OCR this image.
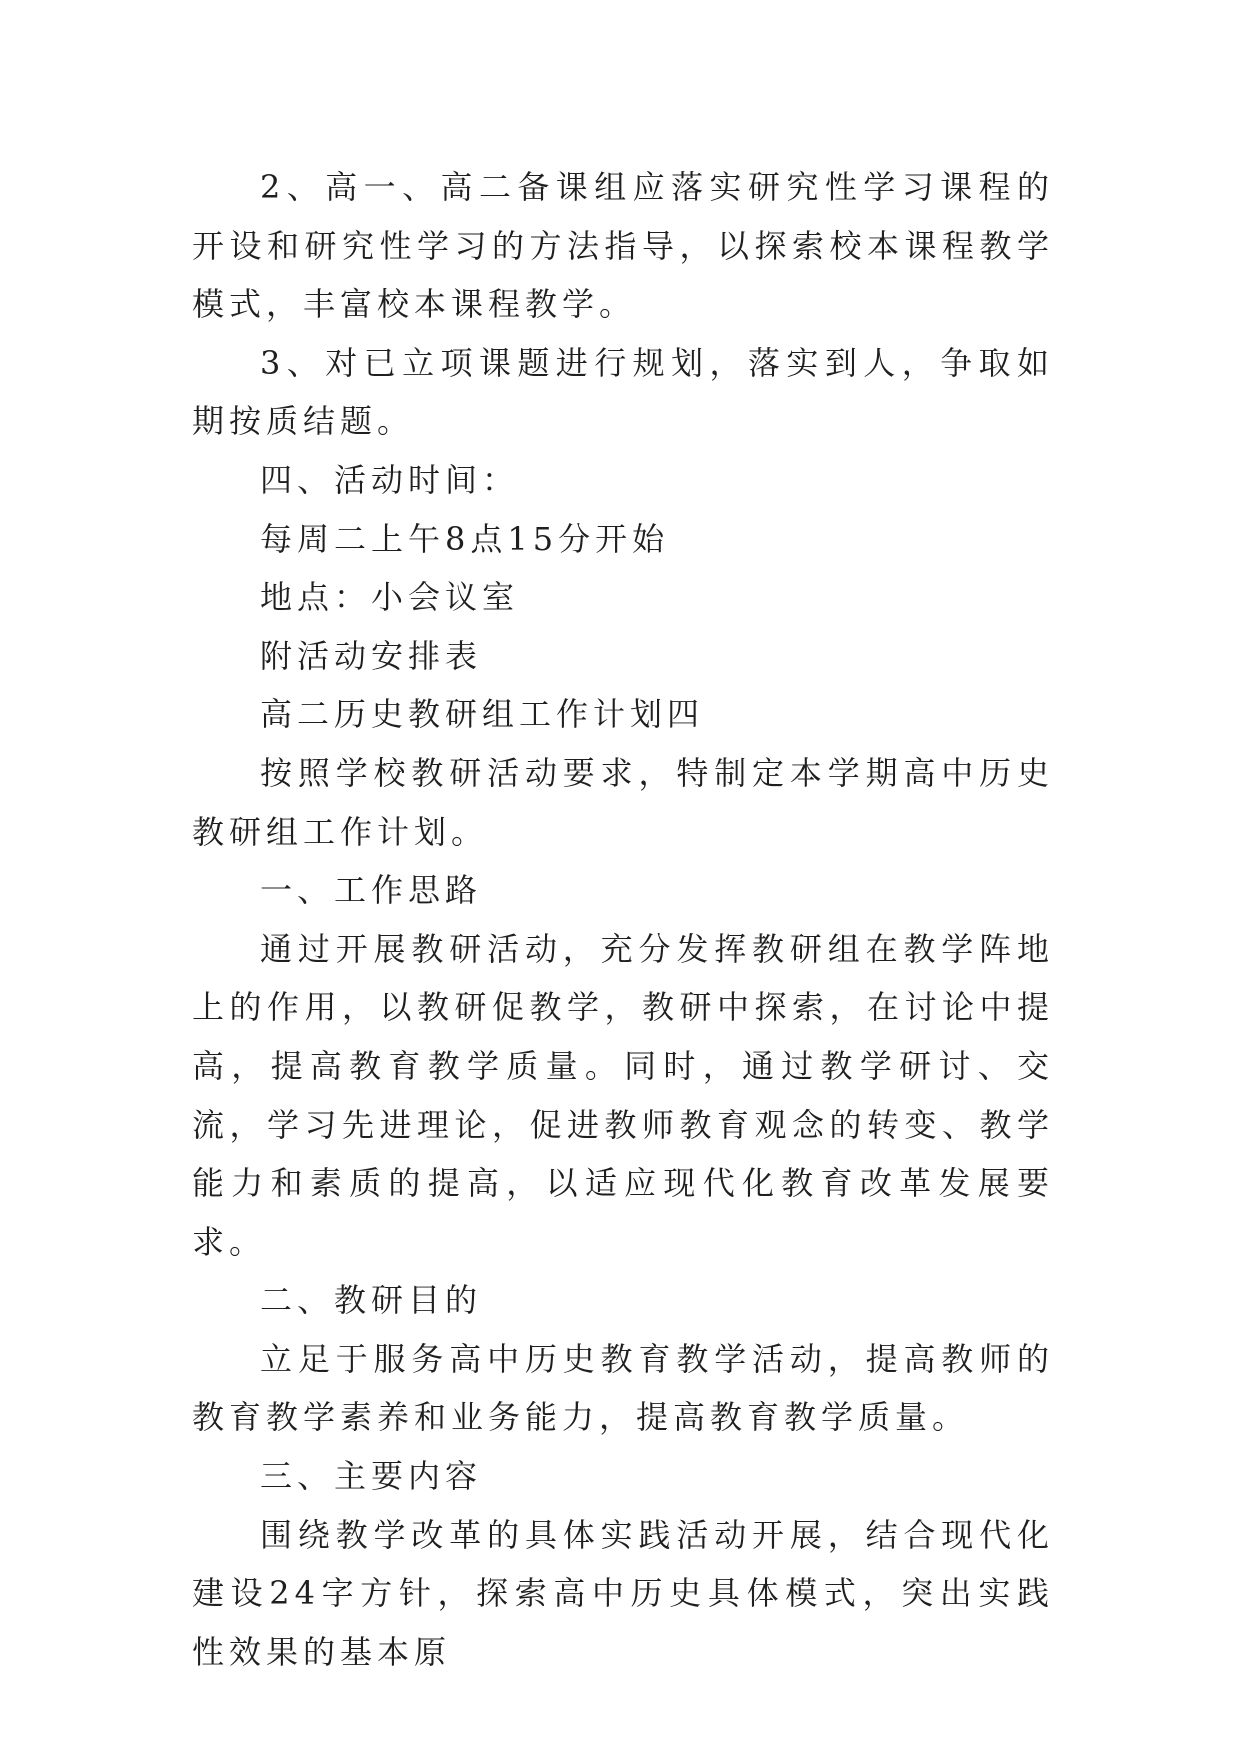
2、高一、高二备课组应落实研究性学习课程的开设和研究性学习的方法指导，以探索校本课程教学模式，丰富校本课程教学。

3、对已立项课题进行规划，落实到人，争取如期按质结题。

四、活动时间：

每周二上午8点15分开始

地点：小会议室

附活动安排表

高二历史教研组工作计划四

按照学校教研活动要求，特制定本学期高中历史教研组工作计划。

一、工作思路

通过开展教研活动，充分发挥教研组在教学阵地上的作用，以教研促教学，教研中探索，在讨论中提高，提高教育教学质量。同时，通过教学研讨、交流，学习先进理论，促进教师教育观念的转变、教学能力和素质的提高，以适应现代化教育改革发展要求。

二、教研目的

立足于服务高中历史教育教学活动，提高教师的教育教学素养和业务能力，提高教育教学质量。

三、主要内容

围绕教学改革的具体实践活动开展，结合现代化建设24字方针，探索高中历史具体模式，突出实践性效果的基本原
